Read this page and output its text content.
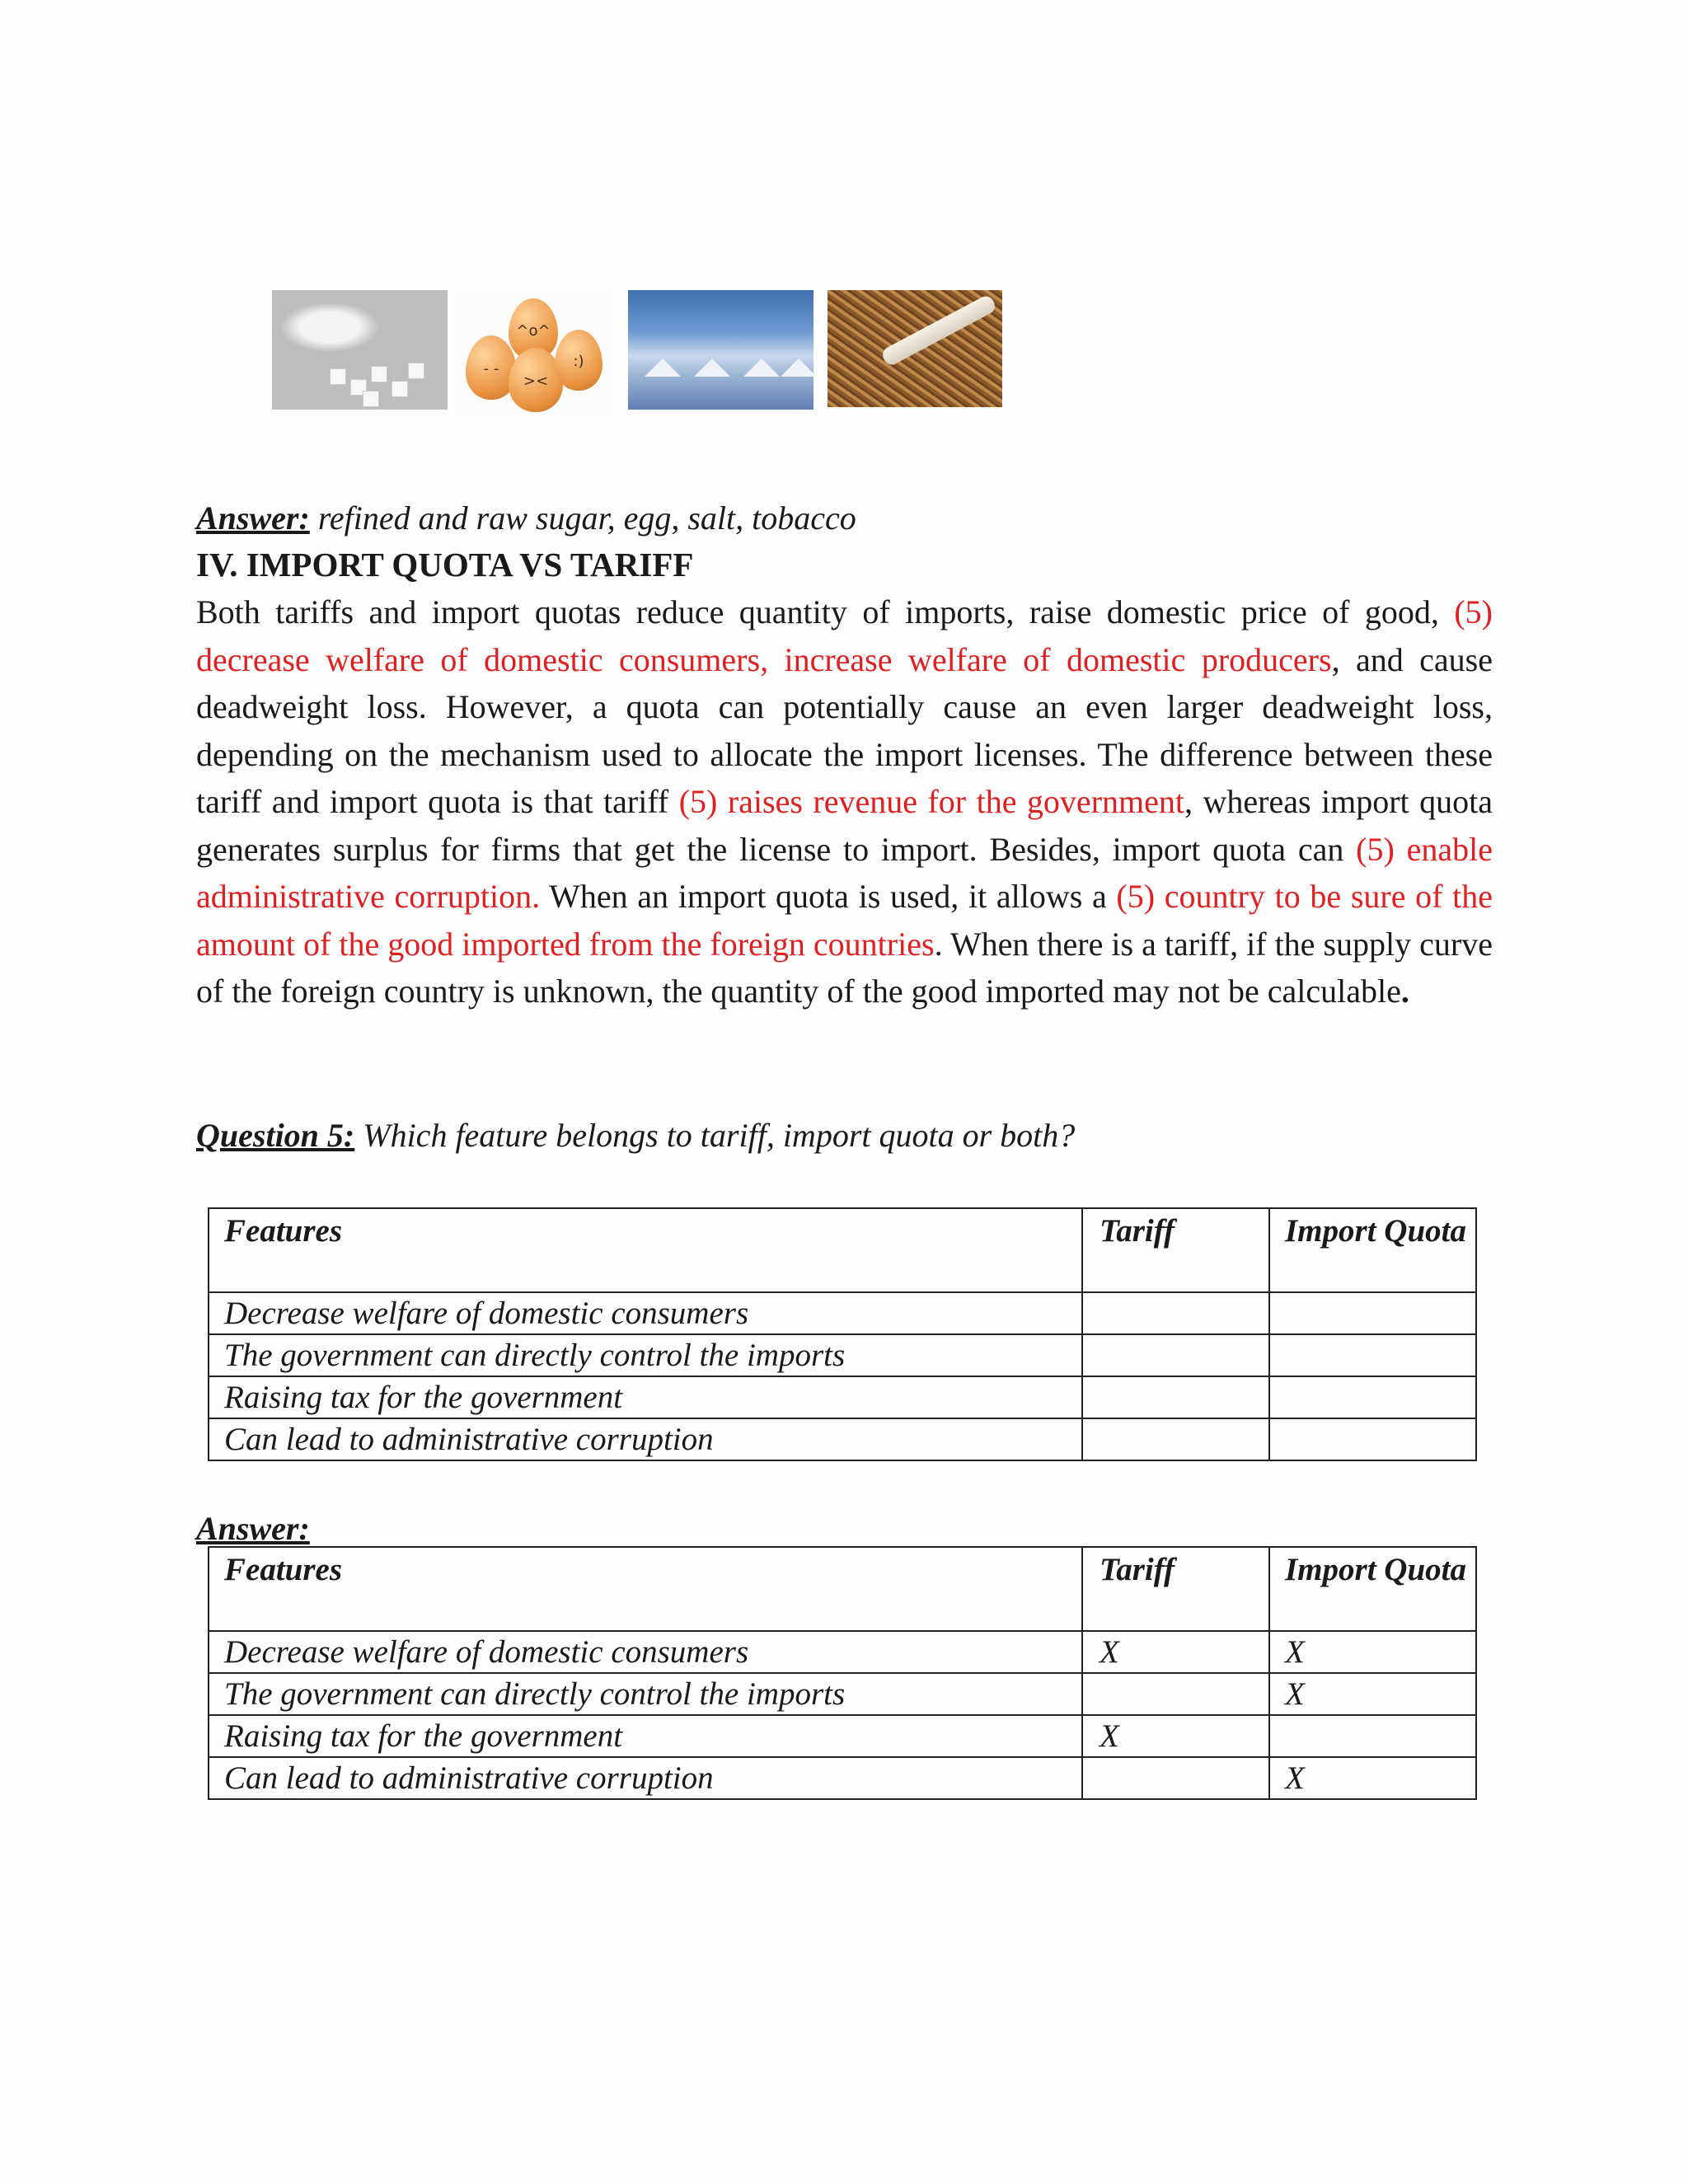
^o^
- -
><
:)
Answer: refined and raw sugar, egg, salt, tobacco
IV. IMPORT QUOTA VS TARIFF
Both tariffs and import quotas reduce quantity of imports, raise domestic price of good, (5) decrease welfare of domestic consumers, increase welfare of domestic producers, and cause deadweight loss. However, a quota can potentially cause an even larger deadweight loss, depending on the mechanism used to allocate the import licenses. The difference between these tariff and import quota is that tariff (5) raises revenue for the government, whereas import quota generates surplus for firms that get the license to import. Besides, import quota can (5) enable administrative corruption. When an import quota is used, it allows a (5) country to be sure of the amount of the good imported from the foreign countries. When there is a tariff, if the supply curve of the foreign country is unknown, the quantity of the good imported may not be calculable.
Question 5: Which feature belongs to tariff, import quota or both?
Features	Tariff	Import Quota
Decrease welfare of domestic consumers		
The government can directly control the imports		
Raising tax for the government		
Can lead to administrative corruption		
Answer:
Features	Tariff	Import Quota
Decrease welfare of domestic consumers	X	X
The government can directly control the imports		X
Raising tax for the government	X	
Can lead to administrative corruption		X
